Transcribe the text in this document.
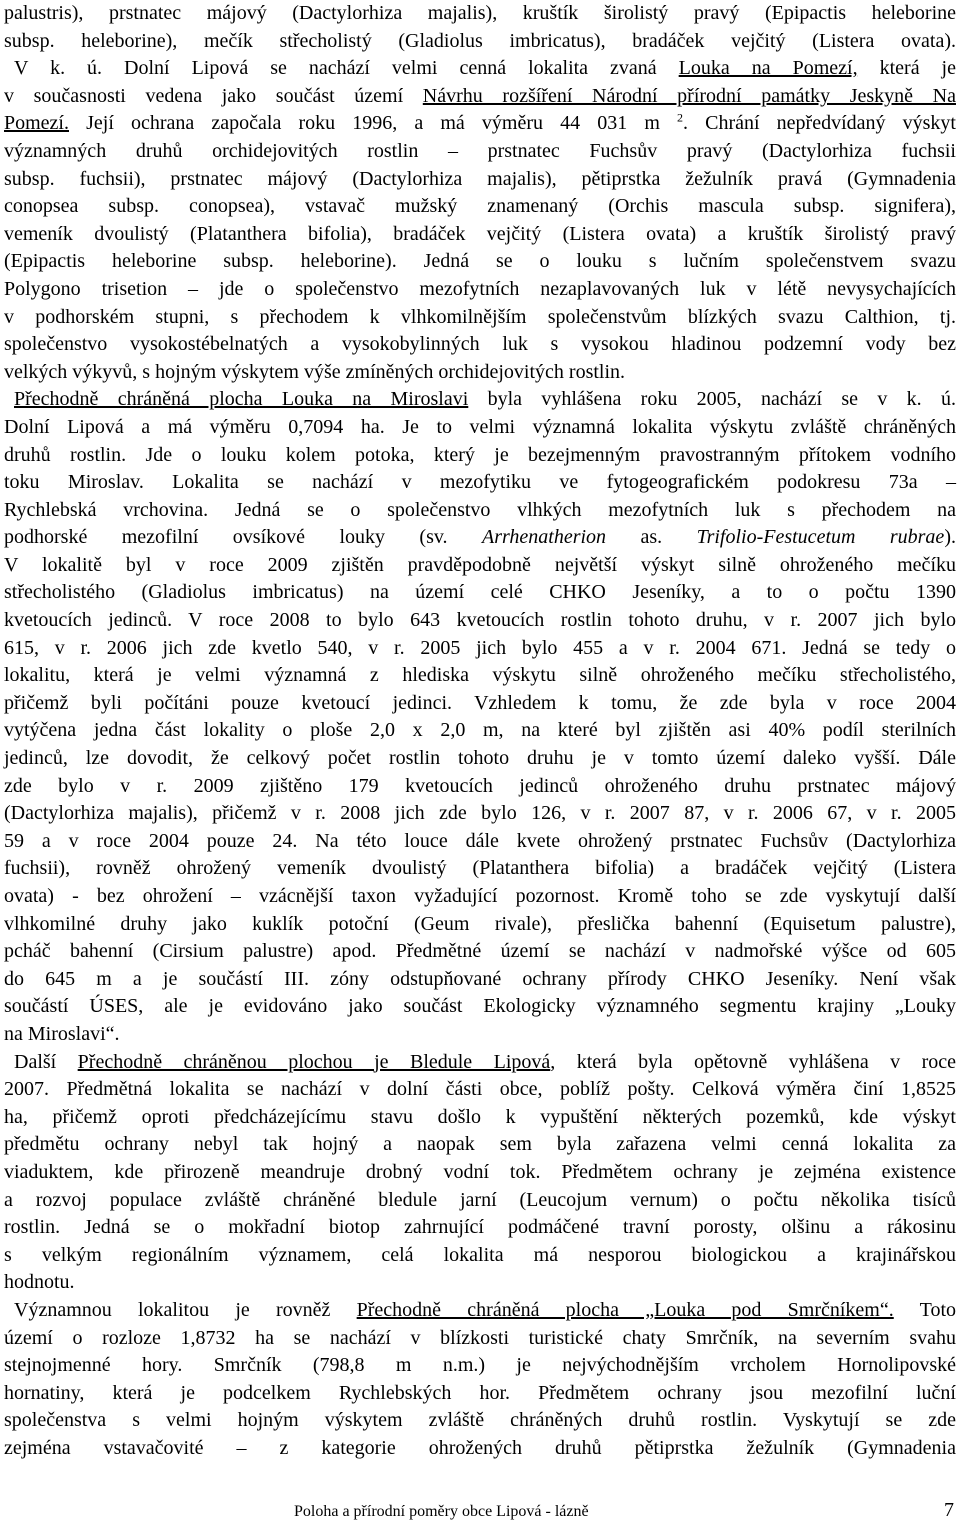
palustris), prstnatec májový (Dactylorhiza majalis), kruštík širolistý pravý (Epipactis heleborine
subsp. heleborine), mečík střecholistý (Gladiolus imbricatus), bradáček vejčitý (Listera ovata).
V k. ú. Dolní Lipová se nachází velmi cenná lokalita zvaná Louka na Pomezí, která je
v současnosti vedena jako součást území Návrhu rozšíření Národní přírodní památky Jeskyně Na
Pomezí. Její ochrana započala roku 1996, a má výměru 44 031 m $^2$. Chrání nepředvídaný výskyt
významných druhů orchidejovitých rostlin – prstnatec Fuchsův pravý (Dactylorhiza fuchsii
subsp. fuchsii), prstnatec májový (Dactylorhiza majalis), pětiprstka žežulník pravá (Gymnadenia
conopsea subsp. conopsea), vstavač mužský znamenaný (Orchis mascula subsp. signifera),
vemeník dvoulistý (Platanthera bifolia), bradáček vejčitý (Listera ovata) a kruštík širolistý pravý
(Epipactis heleborine subsp. heleborine). Jedná se o louku s lučním společenstvem svazu
Polygono trisetion – jde o společenstvo mezofytních nezaplavovaných luk v létě nevysychajících
v podhorském stupni, s přechodem k vlhkomilnějším společenstvům blízkých svazu Calthion, tj.
společenstvo vysokostébelnatých a vysokobylinných luk s vysokou hladinou podzemní vody bez
velkých výkyvů, s hojným výskytem výše zmíněných orchidejovitých rostlin.
Přechodně chráněná plocha Louka na Miroslavi byla vyhlášena roku 2005, nachází se v k. ú.
Dolní Lipová a má výměru 0,7094 ha. Je to velmi významná lokalita výskytu zvláště chráněných
druhů rostlin. Jde o louku kolem potoka, který je bezejmenným pravostranným přítokem vodního
toku Miroslav. Lokalita se nachází v mezofytiku ve fytogeografickém podokresu 73a –
Rychlebská vrchovina. Jedná se o společenstvo vlhkých mezofytních luk s přechodem na
podhorské mezofilní ovsíkové louky (sv. Arrhenatherion as. Trifolio-Festucetum rubrae).
V lokalitě byl v roce 2009 zjištěn pravděpodobně největší výskyt silně ohroženého mečíku
střecholistého (Gladiolus imbricatus) na území celé CHKO Jeseníky, a to o počtu 1390
kvetoucích jedinců. V roce 2008 to bylo 643 kvetoucích rostlin tohoto druhu, v r. 2007 jich bylo
615, v r. 2006 jich zde kvetlo 540, v r. 2005 jich bylo 455 a v r. 2004 671. Jedná se tedy o
lokalitu, která je velmi významná z hlediska výskytu silně ohroženého mečíku střecholistého,
přičemž byli počítáni pouze kvetoucí jedinci. Vzhledem k tomu, že zde byla v roce 2004
vytýčena jedna část lokality o ploše 2,0 x 2,0 m, na které byl zjištěn asi 40% podíl sterilních
jedinců, lze dovodit, že celkový počet rostlin tohoto druhu je v tomto území daleko vyšší. Dále
zde bylo v r. 2009 zjištěno 179 kvetoucích jedinců ohroženého druhu prstnatec májový
(Dactylorhiza majalis), přičemž v r. 2008 jich zde bylo 126, v r. 2007 87, v r. 2006 67, v r. 2005
59 a v roce 2004 pouze 24. Na této louce dále kvete ohrožený prstnatec Fuchsův (Dactylorhiza
fuchsii), rovněž ohrožený vemeník dvoulistý (Platanthera bifolia) a bradáček vejčitý (Listera
ovata) - bez ohrožení – vzácnější taxon vyžadující pozornost. Kromě toho se zde vyskytují další
vlhkomilné druhy jako kuklík potoční (Geum rivale), přeslička bahenní (Equisetum palustre),
pcháč bahenní (Cirsium palustre) apod. Předmětné území se nachází v nadmořské výšce od 605
do 645 m a je součástí III. zóny odstupňované ochrany přírody CHKO Jeseníky. Není však
součástí ÚSES, ale je evidováno jako součást Ekologicky významného segmentu krajiny „Louky
na Miroslavi“.
Další Přechodně chráněnou plochou je Bledule Lipová, která byla opětovně vyhlášena v roce
2007. Předmětná lokalita se nachází v dolní části obce, poblíž pošty. Celková výměra činí 1,8525
ha, přičemž oproti předcházejícímu stavu došlo k vypuštění některých pozemků, kde výskyt
předmětu ochrany nebyl tak hojný a naopak sem byla zařazena velmi cenná lokalita za
viaduktem, kde přirozeně meandruje drobný vodní tok. Předmětem ochrany je zejména existence
a rozvoj populace zvláště chráněné bledule jarní (Leucojum vernum) o počtu několika tisíců
rostlin. Jedná se o mokřadní biotop zahrnující podmáčené travní porosty, olšinu a rákosinu
s velkým regionálním významem, celá lokalita má nesporou biologickou a krajinářskou
hodnotu.
Významnou lokalitou je rovněž Přechodně chráněná plocha „Louka pod Smrčníkem“. Toto
území o rozloze 1,8732 ha se nachází v blízkosti turistické chaty Smrčník, na severním svahu
stejnojmenné hory. Smrčník (798,8 m n.m.) je nejvýchodnějším vrcholem Hornolipovské
hornatiny, která je podcelkem Rychlebských hor. Předmětem ochrany jsou mezofilní luční
společenstva s velmi hojným výskytem zvláště chráněných druhů rostlin. Vyskytují se zde
zejména vstavačovité – z kategorie ohrožených druhů pětiprstka žežulník (Gymnadenia
Poloha a přírodní poměry obce Lipová - lázně	7
